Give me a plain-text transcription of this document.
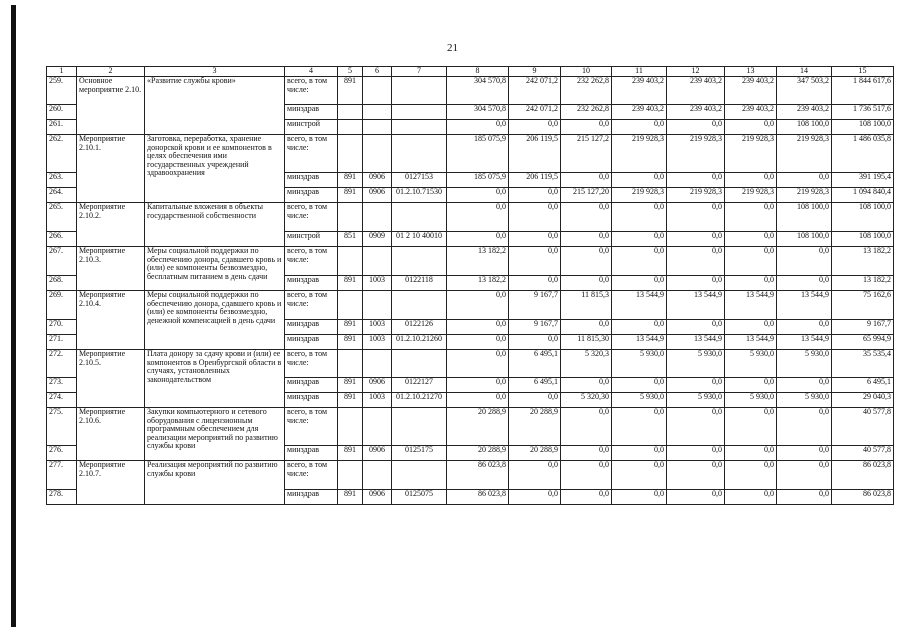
21
1	2	3	4	5	6	7	8	9	10	11	12	13	14	15
259.	Основное мероприятие 2.10.	«Развитие службы крови»	всего, в том числе:	891			304 570,8	242 071,2	232 262,8	239 403,2	239 403,2	239 403,2	347 503,2	1 844 617,6
260.			минздрав				304 570,8	242 071,2	232 262,8	239 403,2	239 403,2	239 403,2	239 403,2	1 736 517,6
261.			минстрой				0,0	0,0	0,0	0,0	0,0	0,0	108 100,0	108 100,0
262.	Мероприятие 2.10.1.	Заготовка, переработка, хранение донорской крови и ее компонентов в целях обеспечения ими государственных учреждений здравоохранения	всего, в том числе:				185 075,9	206 119,5	215 127,2	219 928,3	219 928,3	219 928,3	219 928,3	1 486 035,8
263.			минздрав	891	0906	0127153	185 075,9	206 119,5	0,0	0,0	0,0	0,0	0,0	391 195,4
264.			минздрав	891	0906	01.2.10.71530	0,0	0,0	215 127,20	219 928,3	219 928,3	219 928,3	219 928,3	1 094 840,4
265.	Мероприятие 2.10.2.	Капитальные вложения в объекты государственной собственности	всего, в том числе:				0,0	0,0	0,0	0,0	0,0	0,0	108 100,0	108 100,0
266.			минстрой	851	0909	01 2 10 40010	0,0	0,0	0,0	0,0	0,0	0,0	108 100,0	108 100,0
267.	Мероприятие 2.10.3.	Меры социальной поддержки по обеспечению донора, сдавшего кровь и (или) ее компоненты безвозмездно, бесплатным питанием в день сдачи	всего, в том числе:				13 182,2	0,0	0,0	0,0	0,0	0,0	0,0	13 182,2
268.			минздрав	891	1003	0122118	13 182,2	0,0	0,0	0,0	0,0	0,0	0,0	13 182,2
269.	Мероприятие 2.10.4.	Меры социальной поддержки по обеспечению донора, сдавшего кровь и (или) ее компоненты безвозмездно, денежной компенсацией в день сдачи	всего, в том числе:				0,0	9 167,7	11 815,3	13 544,9	13 544,9	13 544,9	13 544,9	75 162,6
270.			минздрав	891	1003	0122126	0,0	9 167,7	0,0	0,0	0,0	0,0	0,0	9 167,7
271.			минздрав	891	1003	01.2.10.21260	0,0	0,0	11 815,30	13 544,9	13 544,9	13 544,9	13 544,9	65 994,9
272.	Мероприятие 2.10.5.	Плата донору за сдачу крови и (или) ее компонентов в Оренбургской области в случаях, установленных законодательством	всего, в том числе:				0,0	6 495,1	5 320,3	5 930,0	5 930,0	5 930,0	5 930,0	35 535,4
273.			минздрав	891	0906	0122127	0,0	6 495,1	0,0	0,0	0,0	0,0	0,0	6 495,1
274.			минздрав	891	1003	01.2.10.21270	0,0	0,0	5 320,30	5 930,0	5 930,0	5 930,0	5 930,0	29 040,3
275.	Мероприятие 2.10.6.	Закупки компьютерного и сетевого оборудования с лицензионным программным обеспечением для реализации мероприятий по развитию службы крови	всего, в том числе:				20 288,9	20 288,9	0,0	0,0	0,0	0,0	0,0	40 577,8
276.			минздрав	891	0906	0125175	20 288,9	20 288,9	0,0	0,0	0,0	0,0	0,0	40 577,8
277.	Мероприятие 2.10.7.	Реализация мероприятий по развитию службы крови	всего, в том числе:				86 023,8	0,0	0,0	0,0	0,0	0,0	0,0	86 023,8
278.			минздрав	891	0906	0125075	86 023,8	0,0	0,0	0,0	0,0	0,0	0,0	86 023,8
